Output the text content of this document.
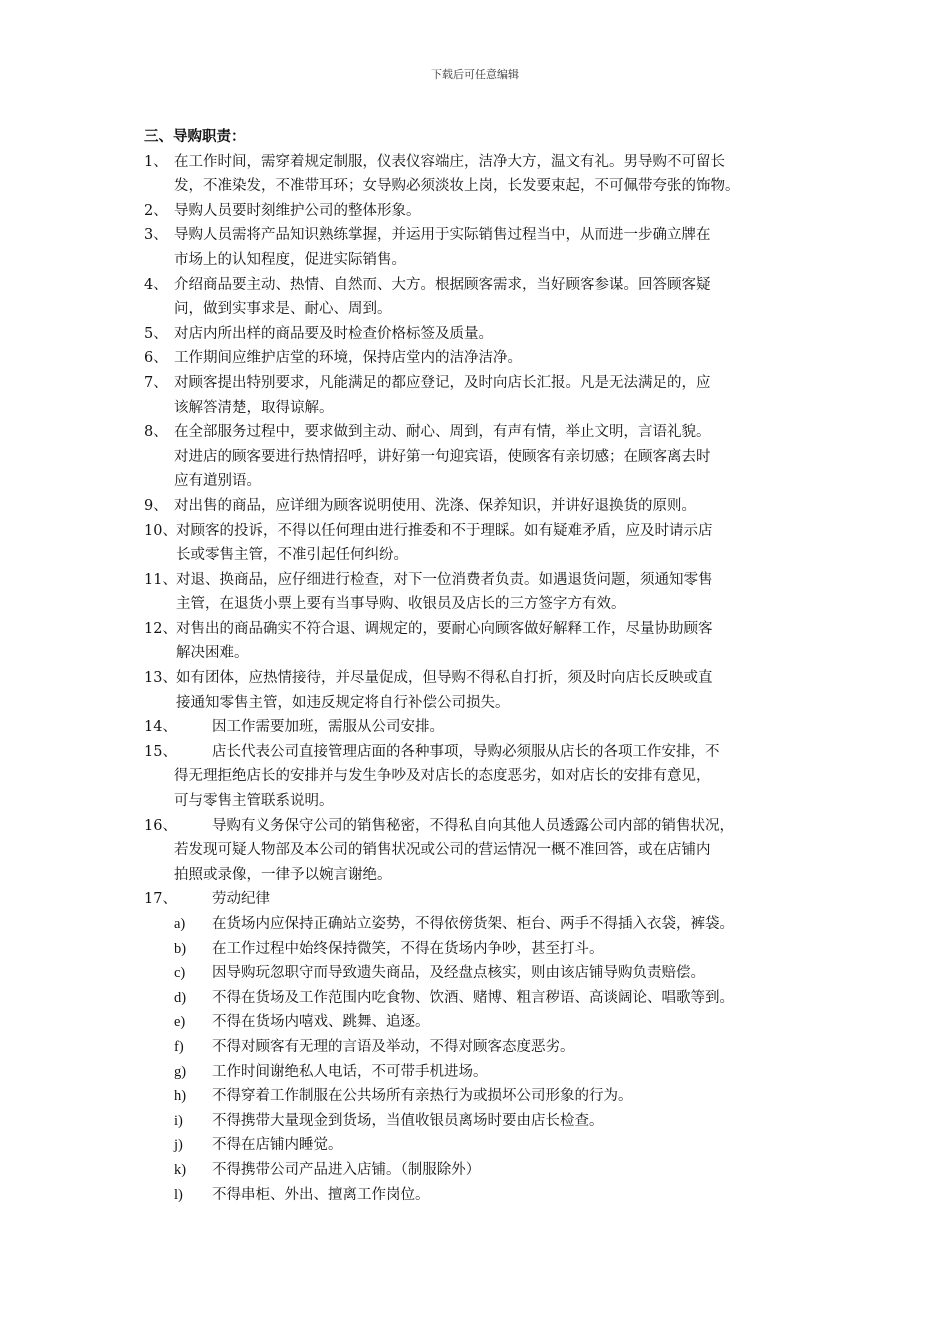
下载后可任意编辑
三、导购职责：
1、 在工作时间，需穿着规定制服，仪表仪容端庄，洁净大方，温文有礼。男导购不可留长
发，不准染发，不准带耳环；女导购必须淡妆上岗，长发要束起，不可佩带夸张的饰物。
2、 导购人员要时刻维护公司的整体形象。
3、 导购人员需将产品知识熟练掌握，并运用于实际销售过程当中，从而进一步确立牌在
市场上的认知程度，促进实际销售。
4、 介绍商品要主动、热情、自然而、大方。根据顾客需求，当好顾客参谋。回答顾客疑
问，做到实事求是、耐心、周到。
5、 对店内所出样的商品要及时检查价格标签及质量。
6、 工作期间应维护店堂的环境，保持店堂内的洁净洁净。
7、 对顾客提出特别要求，凡能满足的都应登记，及时向店长汇报。凡是无法满足的，应
该解答清楚，取得谅解。
8、 在全部服务过程中，要求做到主动、耐心、周到，有声有情，举止文明，言语礼貌。
对进店的顾客要进行热情招呼，讲好第一句迎宾语，使顾客有亲切感；在顾客离去时
应有道别语。
9、 对出售的商品，应详细为顾客说明使用、洗涤、保养知识，并讲好退换货的原则。
10、 对顾客的投诉，不得以任何理由进行推委和不于理睬。如有疑难矛盾，应及时请示店
长或零售主管，不准引起任何纠纷。
11、 对退、换商品，应仔细进行检查，对下一位消费者负责。如遇退货问题，须通知零售
主管，在退货小票上要有当事导购、收银员及店长的三方签字方有效。
12、 对售出的商品确实不符合退、调规定的，要耐心向顾客做好解释工作，尽量协助顾客
解决困难。
13、 如有团体，应热情接待，并尽量促成，但导购不得私自打折，须及时向店长反映或直
接通知零售主管，如违反规定将自行补偿公司损失。
14、	因工作需要加班，需服从公司安排。
15、	店长代表公司直接管理店面的各种事项，导购必须服从店长的各项工作安排，不
得无理拒绝店长的安排并与发生争吵及对店长的态度恶劣，如对店长的安排有意见，
可与零售主管联系说明。
16、	导购有义务保守公司的销售秘密，不得私自向其他人员透露公司内部的销售状况，
若发现可疑人物部及本公司的销售状况或公司的营运情况一概不准回答，或在店铺内
拍照或录像，一律予以婉言谢绝。
17、	劳动纪律
a)	在货场内应保持正确站立姿势，不得依傍货架、柜台、两手不得插入衣袋，裤袋。
b)	在工作过程中始终保持微笑，不得在货场内争吵，甚至打斗。
c)	因导购玩忽职守而导致遗失商品，及经盘点核实，则由该店铺导购负责赔偿。
d)	不得在货场及工作范围内吃食物、饮酒、赌博、粗言秽语、高谈阔论、唱歌等到。
e)	不得在货场内嘻戏、跳舞、追逐。
f)	不得对顾客有无理的言语及举动，不得对顾客态度恶劣。
g)	工作时间谢绝私人电话，不可带手机进场。
h)	不得穿着工作制服在公共场所有亲热行为或损坏公司形象的行为。
i)	不得携带大量现金到货场，当值收银员离场时要由店长检查。
j)	不得在店铺内睡觉。
k)	不得携带公司产品进入店铺。（制服除外）
l)	不得串柜、外出、擅离工作岗位。
